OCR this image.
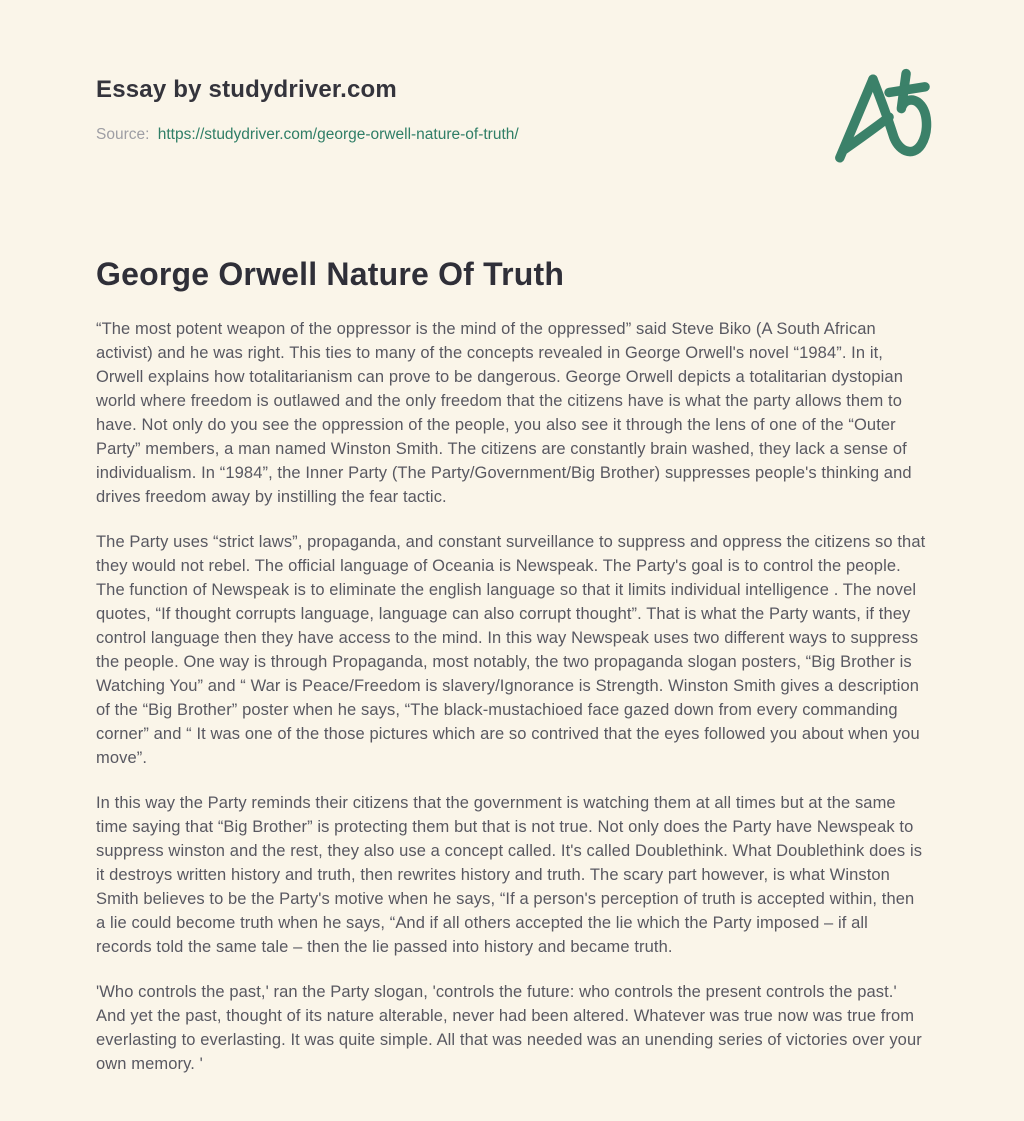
Essay by studydriver.com

Source: https://studydriver.com/george-orwell-nature-of-truth/

George Orwell Nature Of Truth

“The most potent weapon of the oppressor is the mind of the oppressed” said Steve Biko (A South African activist) and he was right. This ties to many of the concepts revealed in George Orwell's novel “1984”. In it, Orwell explains how totalitarianism can prove to be dangerous. George Orwell depicts a totalitarian dystopian world where freedom is outlawed and the only freedom that the citizens have is what the party allows them to have. Not only do you see the oppression of the people, you also see it through the lens of one of the “Outer Party” members, a man named Winston Smith. The citizens are constantly brain washed, they lack a sense of individualism. In “1984”, the Inner Party (The Party/Government/Big Brother) suppresses people's thinking and drives freedom away by instilling the fear tactic.

The Party uses “strict laws”, propaganda, and constant surveillance to suppress and oppress the citizens so that they would not rebel. The official language of Oceania is Newspeak. The Party's goal is to control the people. The function of Newspeak is to eliminate the english language so that it limits individual intelligence . The novel quotes, “If thought corrupts language, language can also corrupt thought”. That is what the Party wants, if they control language then they have access to the mind. In this way Newspeak uses two different ways to suppress the people. One way is through Propaganda, most notably, the two propaganda slogan posters, “Big Brother is Watching You” and “ War is Peace/Freedom is slavery/Ignorance is Strength. Winston Smith gives a description of the “Big Brother” poster when he says, “The black-mustachioed face gazed down from every commanding corner” and “ It was one of the those pictures which are so contrived that the eyes followed you about when you move”.

In this way the Party reminds their citizens that the government is watching them at all times but at the same time saying that “Big Brother” is protecting them but that is not true. Not only does the Party have Newspeak to suppress winston and the rest, they also use a concept called. It's called Doublethink. What Doublethink does is it destroys written history and truth, then rewrites history and truth. The scary part however, is what Winston Smith believes to be the Party's motive when he says, “If a person's perception of truth is accepted within, then a lie could become truth when he says, “And if all others accepted the lie which the Party imposed – if all records told the same tale – then the lie passed into history and became truth.

'Who controls the past,' ran the Party slogan, 'controls the future: who controls the present controls the past.' And yet the past, thought of its nature alterable, never had been altered. Whatever was true now was true from everlasting to everlasting. It was quite simple. All that was needed was an unending series of victories over your own memory. '
